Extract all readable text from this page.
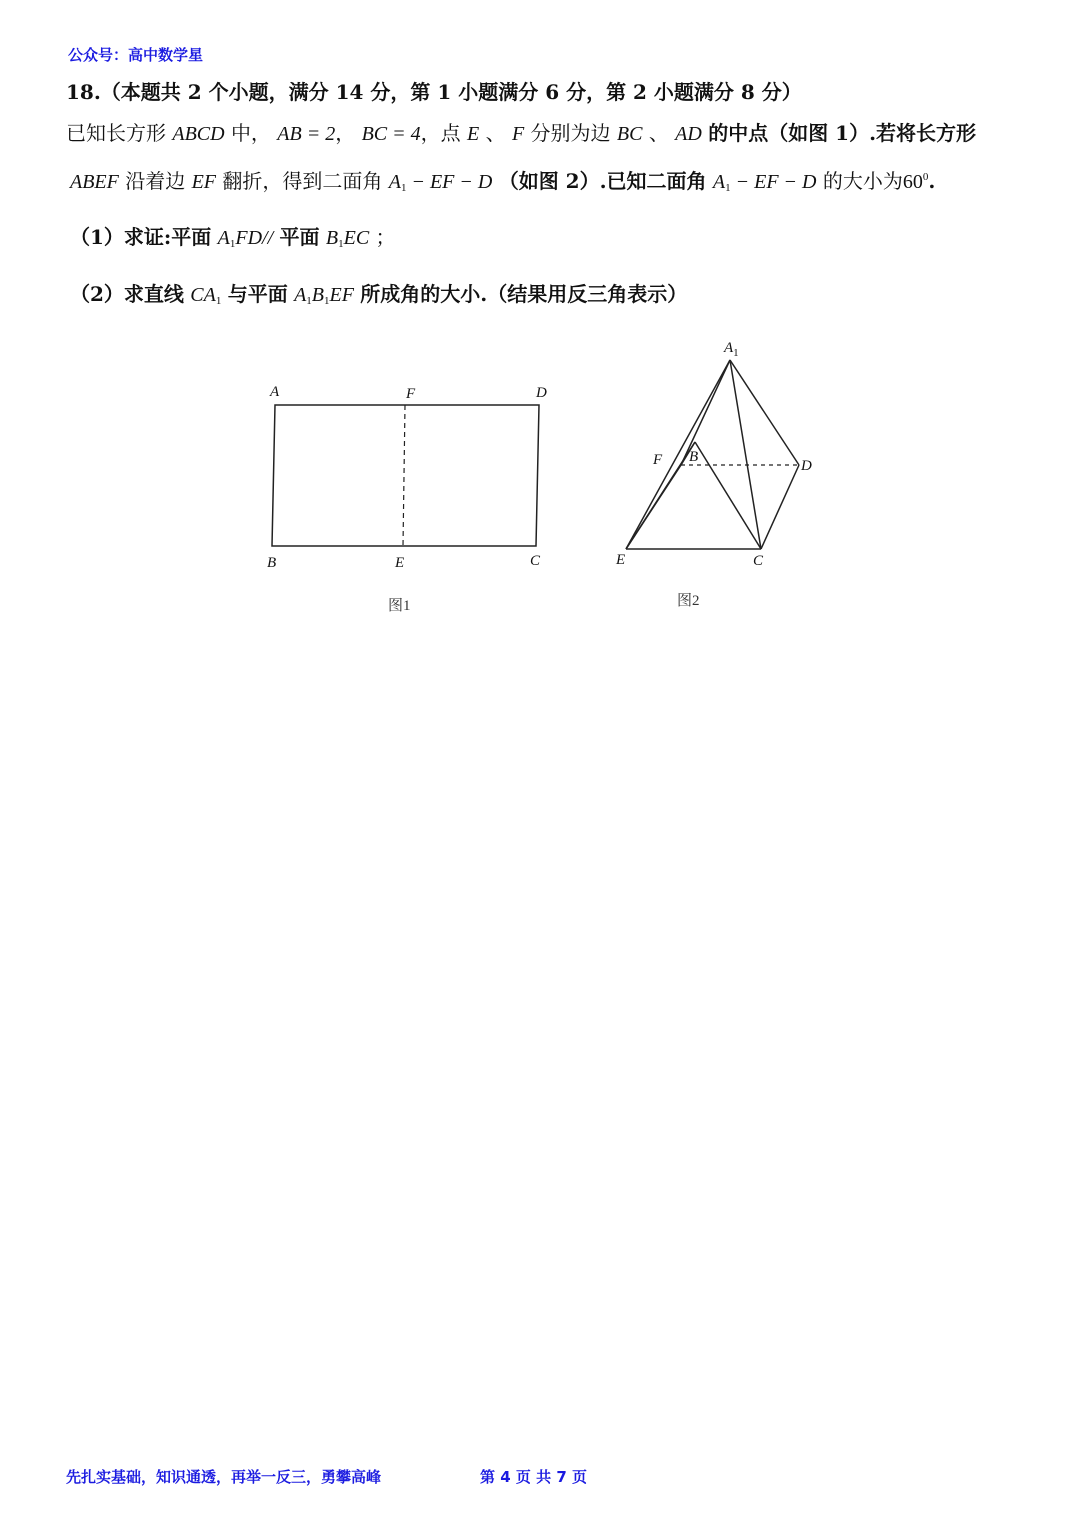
公众号：高中数学星
18.（本题共 2 个小题，满分 14 分，第 1 小题满分 6 分，第 2 小题满分 8 分）
已知长方形 ABCD 中， AB = 2， BC = 4，点 E 、 F 分别为边 BC 、 AD 的中点（如图 1）.若将长方形
ABEF 沿着边 EF 翻折，得到二面角 $A_1$ − EF − D （如图 2）.已知二面角 $A_1$ − EF − D 的大小为$60^0$.
（1）求证:平面 $A_1FD//$ 平面 $B_1EC$ ；
（2）求直线 $CA_1$ 与平面 $A_1B_1EF$ 所成角的大小.（结果用反三角表示）
A	F	D
B	E	C
图1
$A_1$
F B
D
E	C
图2
先扎实基础，知识通透，再举一反三，勇攀高峰	第 4 页 共 7 页
